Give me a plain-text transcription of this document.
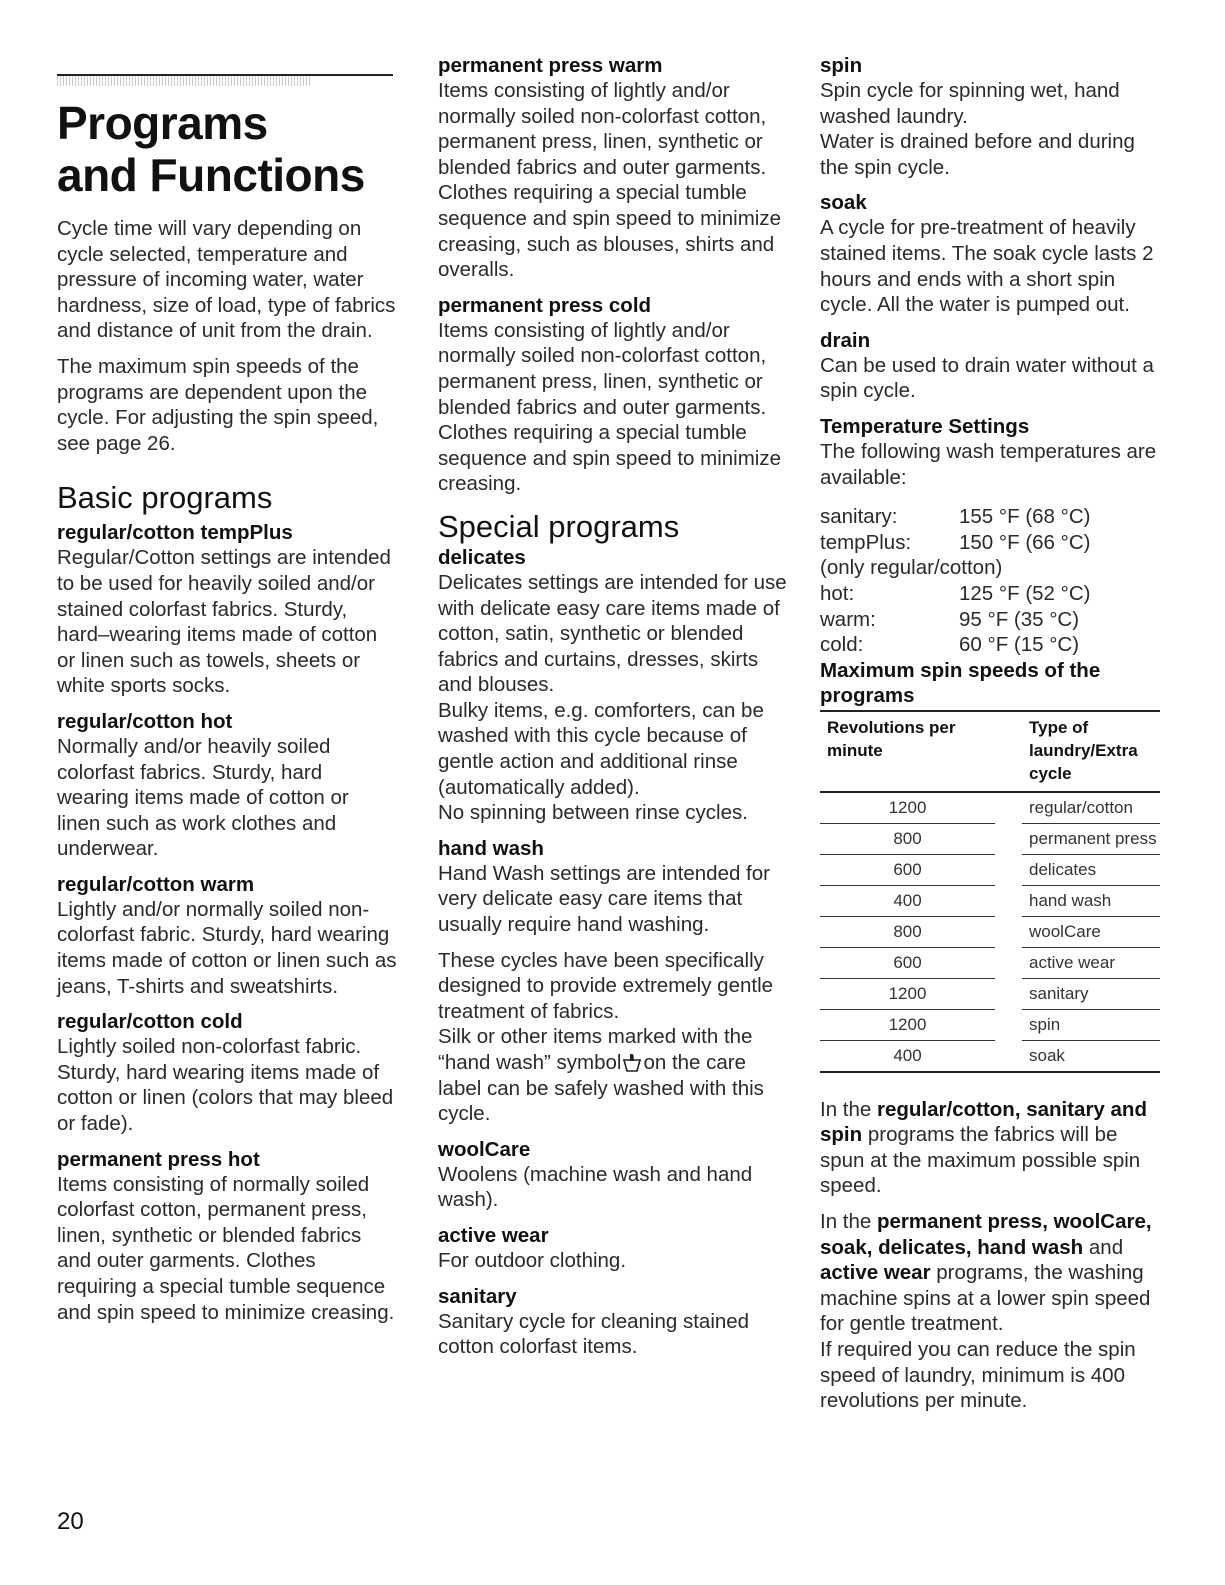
Programs
and Functions

Cycle time will vary depending on cycle selected, temperature and pressure of incoming water, water hardness, size of load, type of fabrics and distance of unit from the drain.

The maximum spin speeds of the programs are dependent upon the cycle. For adjusting the spin speed, see page 26.

Basic programs
regular/cotton tempPlus

Regular/Cotton settings are intended to be used for heavily soiled and/or stained colorfast fabrics. Sturdy, hard–wearing items made of cotton or linen such as towels, sheets or white sports socks.

regular/cotton hot

Normally and/or heavily soiled colorfast fabrics. Sturdy, hard wearing items made of cotton or linen such as work clothes and underwear.

regular/cotton warm

Lightly and/or normally soiled non-colorfast fabric. Sturdy, hard wearing items made of cotton or linen such as jeans, T-shirts and sweatshirts.

regular/cotton cold

Lightly soiled non-colorfast fabric. Sturdy, hard wearing items made of cotton or linen (colors that may bleed or fade).

permanent press hot

Items consisting of normally soiled colorfast cotton, permanent press, linen, synthetic or blended fabrics and outer garments. Clothes requiring a special tumble sequence and spin speed to minimize creasing.

permanent press warm

Items consisting of lightly and/or normally soiled non-colorfast cotton, permanent press, linen, synthetic or blended fabrics and outer garments. Clothes requiring a special tumble sequence and spin speed to minimize creasing, such as blouses, shirts and overalls.

permanent press cold

Items consisting of lightly and/or normally soiled non-colorfast cotton, permanent press, linen, synthetic or blended fabrics and outer garments. Clothes requiring a special tumble sequence and spin speed to minimize creasing.

Special programs
delicates

Delicates settings are intended for use with delicate easy care items made of cotton, satin, synthetic or blended fabrics and curtains, dresses, skirts and blouses.

Bulky items, e.g. comforters, can be washed with this cycle because of gentle action and additional rinse (automatically added).

No spinning between rinse cycles.

hand wash

Hand Wash settings are intended for very delicate easy care items that usually require hand washing.

These cycles have been specifically designed to provide extremely gentle treatment of fabrics.

Silk or other items marked with the “hand wash” symbol on the care label can be safely washed with this cycle.

woolCare

Woolens (machine wash and hand wash).

active wear

For outdoor clothing.

sanitary

Sanitary cycle for cleaning stained cotton colorfast items.

spin

Spin cycle for spinning wet, hand washed laundry.

Water is drained before and during the spin cycle.

soak

A cycle for pre-treatment of heavily stained items. The soak cycle lasts 2 hours and ends with a short spin cycle. All the water is pumped out.

drain

Can be used to drain water without a spin cycle.

Temperature Settings

The following wash temperatures are available:

sanitary:	155 °F (68 °C)
tempPlus:	150 °F (66 °C)
(only regular/cotton)	
hot:	125 °F (52 °C)
warm:	95 °F (35 °C)
cold:	60 °F (15 °C)
Maximum spin speeds of the programs
Revolutions per minute		Type of laundry/Extra cycle
1200		regular/cotton
800		permanent press
600		delicates
400		hand wash
800		woolCare
600		active wear
1200		sanitary
1200		spin
400		soak

In the regular/cotton, sanitary and spin programs the fabrics will be spun at the maximum possible spin speed.

In the permanent press, woolCare, soak, delicates, hand wash and active wear programs, the washing machine spins at a lower spin speed for gentle treatment.

If required you can reduce the spin speed of laundry, minimum is 400 revolutions per minute.

20
